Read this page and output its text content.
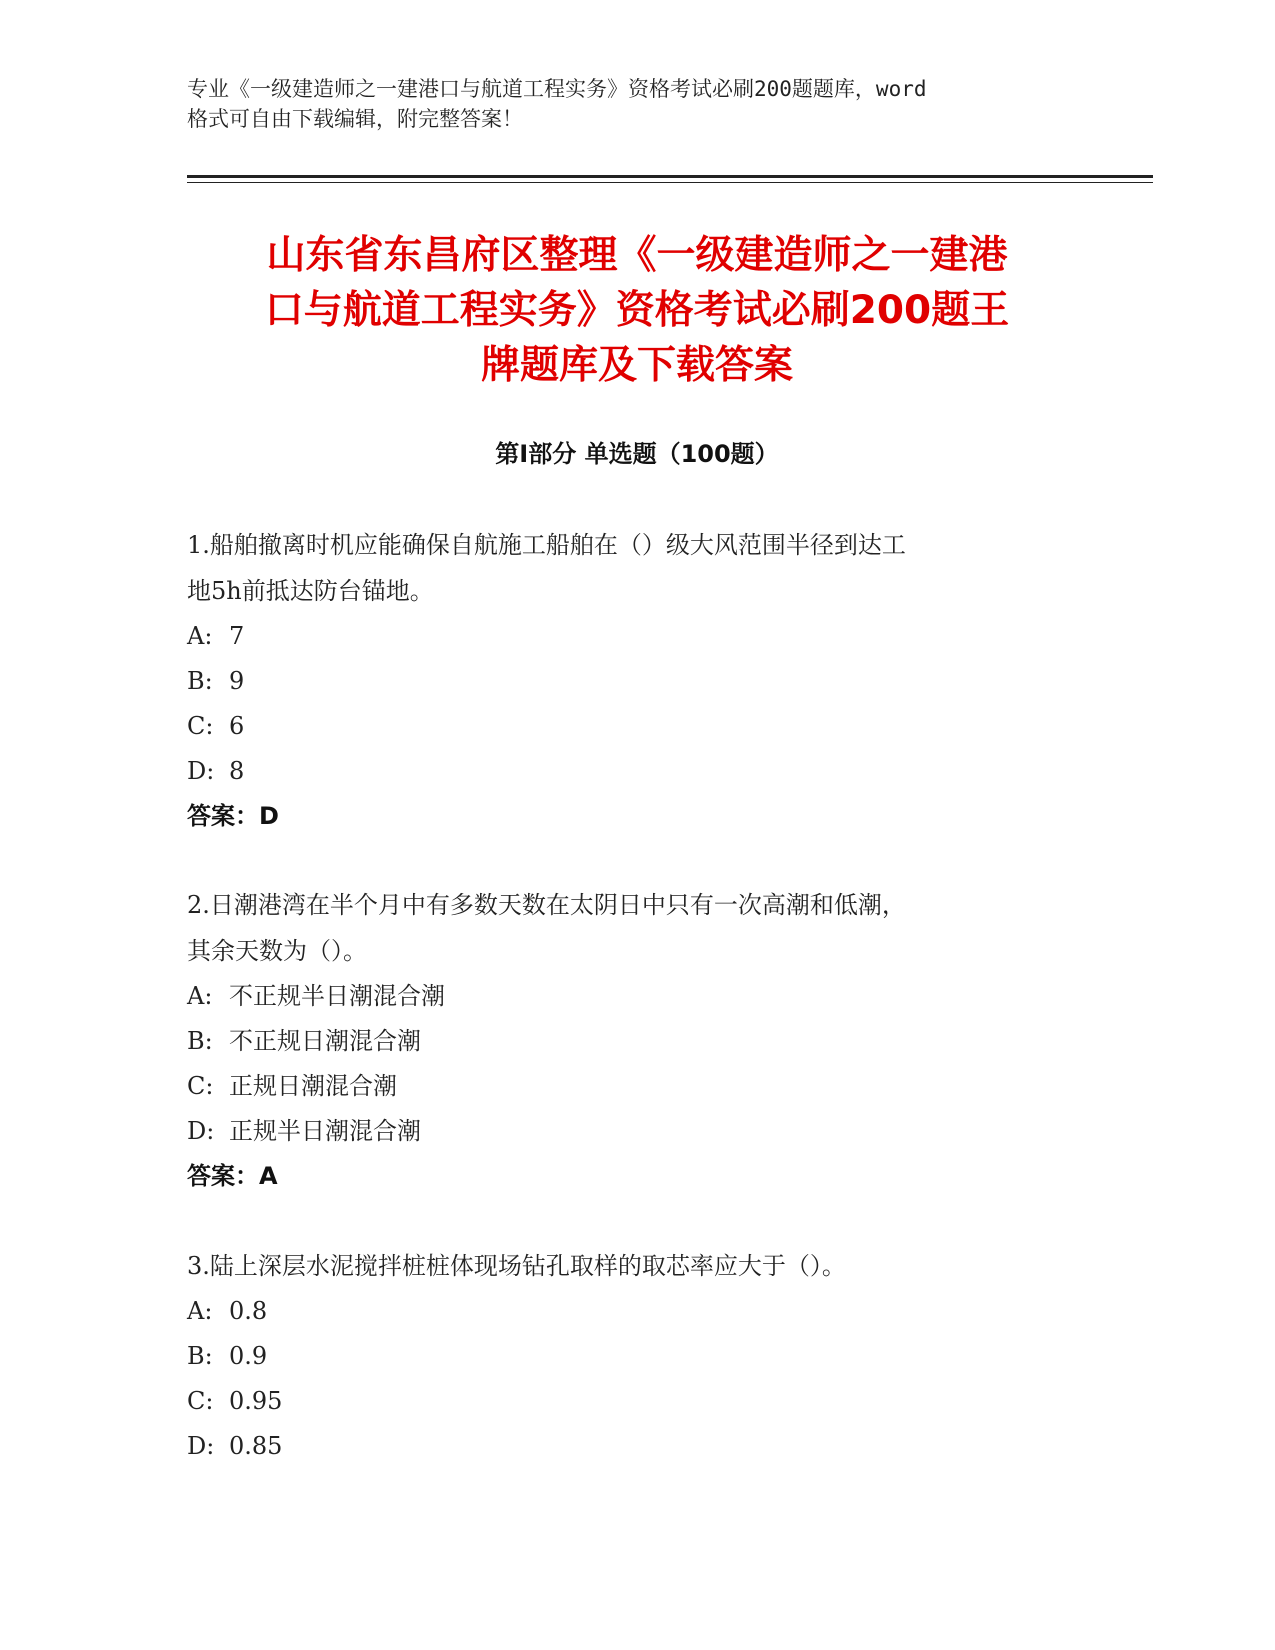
专业《一级建造师之一建港口与航道工程实务》资格考试必刷200题题库，word
格式可自由下载编辑，附完整答案！
山东省东昌府区整理《一级建造师之一建港
口与航道工程实务》资格考试必刷200题王
牌题库及下载答案
第Ⅰ部分 单选题（100题）
1.船舶撤离时机应能确保自航施工船舶在（）级大风范围半径到达工
地5h前抵达防台锚地。
A: 7
B: 9
C: 6
D: 8
答案：D
2.日潮港湾在半个月中有多数天数在太阴日中只有一次高潮和低潮，
其余天数为（）。
A: 不正规半日潮混合潮
B: 不正规日潮混合潮
C: 正规日潮混合潮
D: 正规半日潮混合潮
答案：A
3.陆上深层水泥搅拌桩桩体现场钻孔取样的取芯率应大于（）。
A: 0.8
B: 0.9
C: 0.95
D: 0.85
